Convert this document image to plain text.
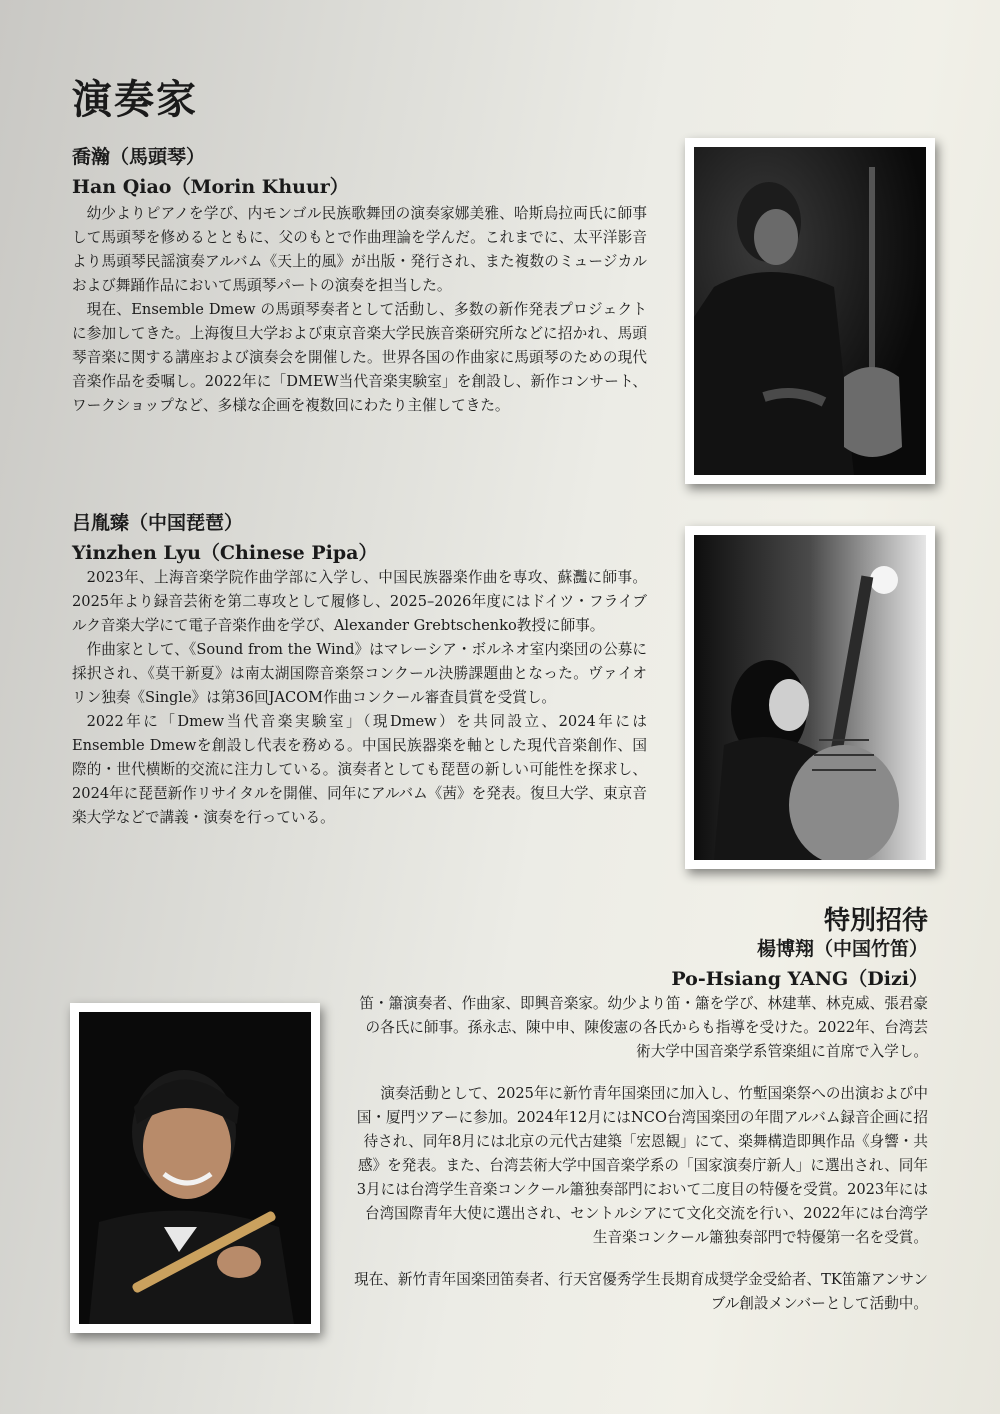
演奏家
喬瀚（馬頭琴）
Han Qiao（Morin Khuur）

幼少よりピアノを学び、内モンゴル民族歌舞団の演奏家娜美雅、哈斯烏拉両氏に師事して馬頭琴を修めるとともに、父のもとで作曲理論を学んだ。これまでに、太平洋影音より馬頭琴民謡演奏アルバム《天上的風》が出版・発行され、また複数のミュージカルおよび舞踊作品において馬頭琴パートの演奏を担当した。

現在、Ensemble Dmew の馬頭琴奏者として活動し、多数の新作発表プロジェクトに参加してきた。上海復旦大学および東京音楽大学民族音楽研究所などに招かれ、馬頭琴音楽に関する講座および演奏会を開催した。世界各国の作曲家に馬頭琴のための現代音楽作品を委嘱し。2022年に「DMEW当代音楽実験室」を創設し、新作コンサート、ワークショップなど、多様な企画を複数回にわたり主催してきた。

吕胤臻（中国琵琶）
Yinzhen Lyu（Chinese Pipa）

2023年、上海音楽学院作曲学部に入学し、中国民族器楽作曲を専攻、蘇灩に師事。2025年より録音芸術を第二専攻として履修し、2025–2026年度にはドイツ・フライブルク音楽大学にて電子音楽作曲を学び、Alexander Grebtschenko教授に師事。

作曲家として、《Sound from the Wind》はマレーシア・ボルネオ室内楽団の公募に採択され、《莫干新夏》は南太湖国際音楽祭コンクール決勝課題曲となった。ヴァイオリン独奏《Single》は第36回JACOM作曲コンクール審査員賞を受賞し。

2022年に「Dmew当代音楽実験室」（現Dmew）を共同設立、2024年にはEnsemble Dmewを創設し代表を務める。中国民族器楽を軸とした現代音楽創作、国際的・世代横断的交流に注力している。演奏者としても琵琶の新しい可能性を探求し、2024年に琵琶新作リサイタルを開催、同年にアルバム《茜》を発表。復旦大学、東京音楽大学などで講義・演奏を行っている。

特別招待
楊博翔（中国竹笛）
Po-Hsiang YANG（Dizi）

笛・簫演奏者、作曲家、即興音楽家。幼少より笛・簫を学び、林建華、林克威、張君豪の各氏に師事。孫永志、陳中申、陳俊憲の各氏からも指導を受けた。2022年、台湾芸術大学中国音楽学系管楽組に首席で入学し。

演奏活動として、2025年に新竹青年国楽団に加入し、竹塹国楽祭への出演および中国・厦門ツアーに参加。2024年12月にはNCO台湾国楽団の年間アルバム録音企画に招待され、同年8月には北京の元代古建築「宏恩観」にて、楽舞構造即興作品《身響・共感》を発表。また、台湾芸術大学中国音楽学系の「国家演奏庁新人」に選出され、同年3月には台湾学生音楽コンクール簫独奏部門において二度目の特優を受賞。2023年には台湾国際青年大使に選出され、セントルシアにて文化交流を行い、2022年には台湾学生音楽コンクール簫独奏部門で特優第一名を受賞。

現在、新竹青年国楽団笛奏者、行天宮優秀学生長期育成奨学金受給者、TK笛簫アンサンブル創設メンバーとして活動中。
